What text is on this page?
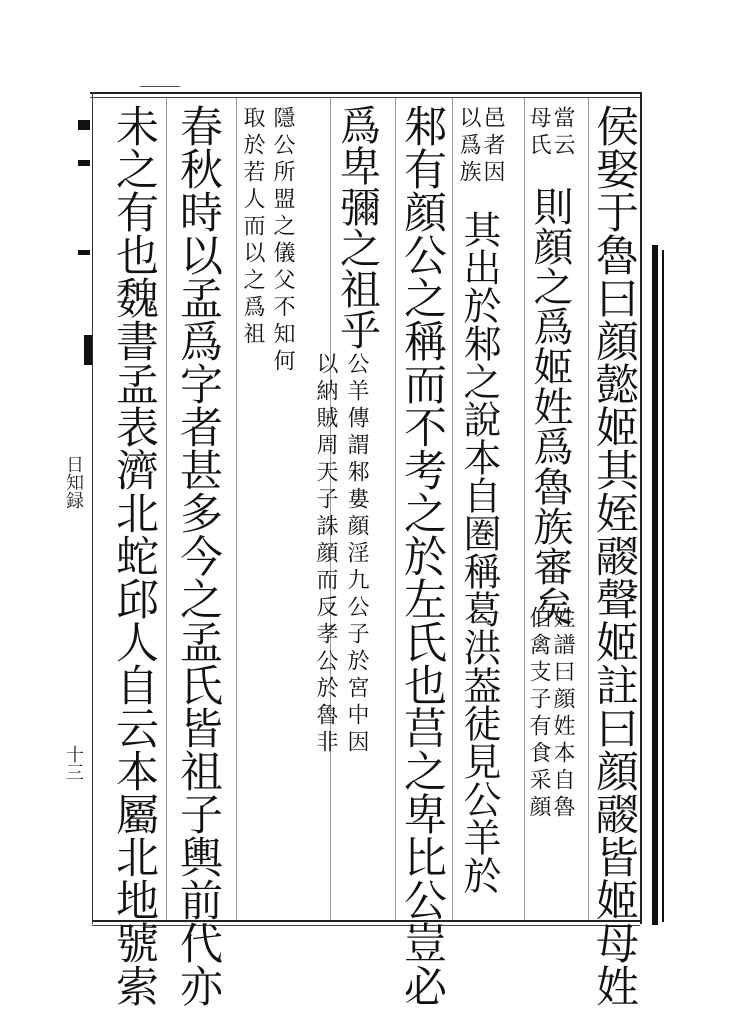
侯娶于魯曰顔懿姬其姪鬷聲姬註曰顔鬷皆姬母姓
當云
母氏
則顔之爲姬姓爲魯族審矣
姓譜曰顔姓本自魯
伯禽支子有食采顔
邑者因
以爲族
其出於邾之說本自圏稱葛洪葢徒見公羊於
邾有顔公之稱而不考之於左氏也莒之卑比公豈必
爲卑彌之祖乎
公羊傳謂邾婁顔淫九公子於宮中因
以納賊周天子誅顔而反孝公於魯非
隱公所盟之儀父不知何
取於若人而以之爲祖
春秋時以孟爲字者甚多今之孟氏皆祖子輿前代亦
未之有也魏書孟表濟北蛇邱人自云本屬北地號索
日知録
十三
